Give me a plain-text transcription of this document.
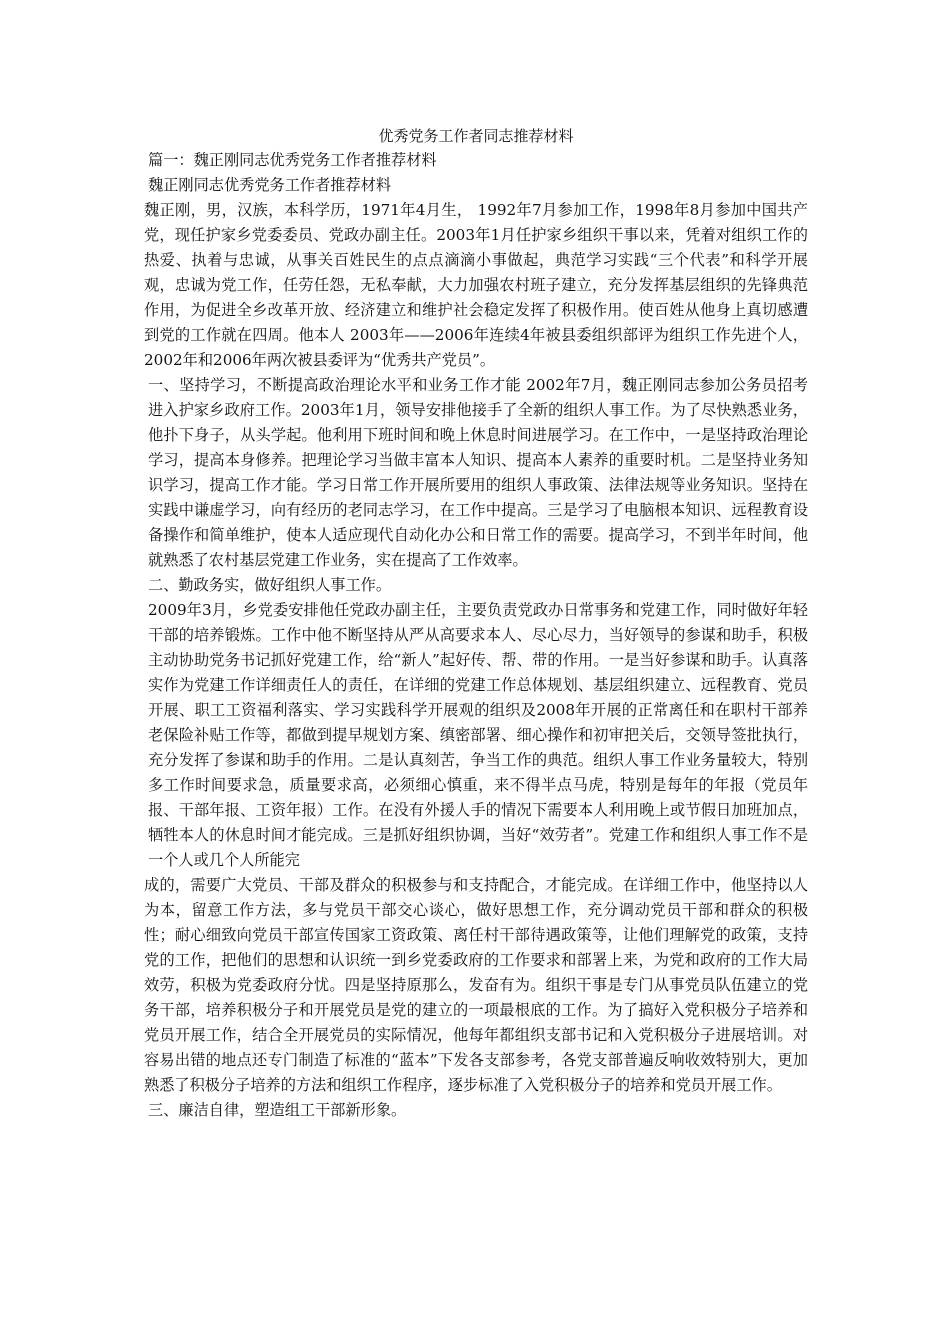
优秀党务工作者同志推荐材料

篇一：魏正刚同志优秀党务工作者推荐材料

魏正刚同志优秀党务工作者推荐材料

魏正刚，男，汉族，本科学历，1971年4月生， 1992年7月参加工作，1998年8月参加中国共产党，现任护家乡党委委员、党政办副主任。2003年1月任护家乡组织干事以来，凭着对组织工作的热爱、执着与忠诚，从事关百姓民生的点点滴滴小事做起，典范学习实践“三个代表”和科学开展观，忠诚为党工作，任劳任怨，无私奉献，大力加强农村班子建立，充分发挥基层组织的先锋典范作用，为促进全乡改革开放、经济建立和维护社会稳定发挥了积极作用。使百姓从他身上真切感遭到党的工作就在四周。他本人 2003年——2006年连续4年被县委组织部评为组织工作先进个人，2002年和2006年两次被县委评为“优秀共产党员”。

一、坚持学习，不断提高政治理论水平和业务工作才能 2002年7月，魏正刚同志参加公务员招考进入护家乡政府工作。2003年1月，领导安排他接手了全新的组织人事工作。为了尽快熟悉业务，他扑下身子，从头学起。他利用下班时间和晚上休息时间进展学习。在工作中，一是坚持政治理论学习，提高本身修养。把理论学习当做丰富本人知识、提高本人素养的重要时机。二是坚持业务知识学习，提高工作才能。学习日常工作开展所要用的组织人事政策、法律法规等业务知识。坚持在实践中谦虚学习，向有经历的老同志学习，在工作中提高。三是学习了电脑根本知识、远程教育设备操作和简单维护，使本人适应现代自动化办公和日常工作的需要。提高学习，不到半年时间，他就熟悉了农村基层党建工作业务，实在提高了工作效率。

二、勤政务实，做好组织人事工作。

2009年3月，乡党委安排他任党政办副主任，主要负责党政办日常事务和党建工作，同时做好年轻干部的培养锻炼。工作中他不断坚持从严从高要求本人、尽心尽力，当好领导的参谋和助手，积极主动协助党务书记抓好党建工作，给“新人”起好传、帮、带的作用。一是当好参谋和助手。认真落实作为党建工作详细责任人的责任，在详细的党建工作总体规划、基层组织建立、远程教育、党员开展、职工工资福利落实、学习实践科学开展观的组织及2008年开展的正常离任和在职村干部养老保险补贴工作等，都做到提早规划方案、缜密部署、细心操作和初审把关后，交领导签批执行，充分发挥了参谋和助手的作用。二是认真刻苦，争当工作的典范。组织人事工作业务量较大，特别多工作时间要求急，质量要求高，必须细心慎重，来不得半点马虎，特别是每年的年报（党员年报、干部年报、工资年报）工作。在没有外援人手的情况下需要本人利用晚上或节假日加班加点，牺牲本人的休息时间才能完成。三是抓好组织协调，当好“效劳者”。党建工作和组织人事工作不是一个人或几个人所能完

成的，需要广大党员、干部及群众的积极参与和支持配合，才能完成。在详细工作中，他坚持以人为本，留意工作方法，多与党员干部交心谈心，做好思想工作，充分调动党员干部和群众的积极性；耐心细致向党员干部宣传国家工资政策、离任村干部待遇政策等，让他们理解党的政策，支持党的工作，把他们的思想和认识统一到乡党委政府的工作要求和部署上来，为党和政府的工作大局效劳，积极为党委政府分忧。四是坚持原那么，发奋有为。组织干事是专门从事党员队伍建立的党务干部，培养积极分子和开展党员是党的建立的一项最根底的工作。为了搞好入党积极分子培养和党员开展工作，结合全开展党员的实际情况，他每年都组织支部书记和入党积极分子进展培训。对容易出错的地点还专门制造了标准的“蓝本”下发各支部参考，各党支部普遍反响收效特别大，更加熟悉了积极分子培养的方法和组织工作程序，逐步标准了入党积极分子的培养和党员开展工作。

三、廉洁自律，塑造组工干部新形象。
